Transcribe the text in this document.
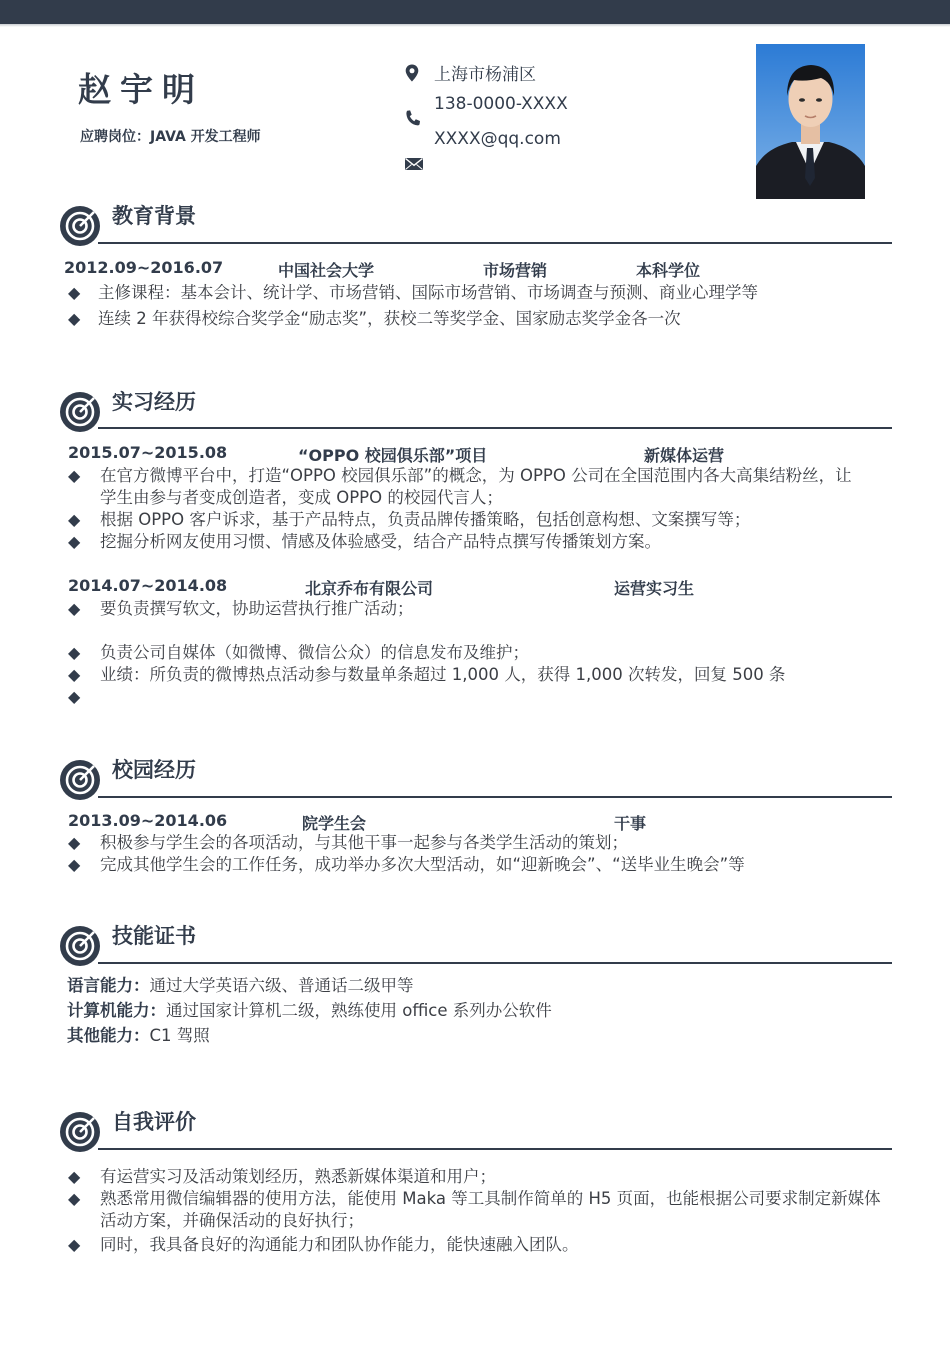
赵宇明
应聘岗位：JAVA 开发工程师
上海市杨浦区
138-0000-XXXX
XXXX@qq.com
教育背景
2012.09~2016.07	中国社会大学	市场营销	本科学位
◆ 主修课程：基本会计、统计学、市场营销、国际市场营销、市场调查与预测、商业心理学等
◆ 连续 2 年获得校综合奖学金“励志奖”，获校二等奖学金、国家励志奖学金各一次
实习经历
2015.07~2015.08	“OPPO 校园俱乐部”项目	新媒体运营
◆ 在官方微博平台中，打造“OPPO 校园俱乐部”的概念，为 OPPO 公司在全国范围内各大高集结粉丝，让
学生由参与者变成创造者，变成 OPPO 的校园代言人；
◆ 根据 OPPO 客户诉求，基于产品特点，负责品牌传播策略，包括创意构想、文案撰写等；
◆ 挖掘分析网友使用习惯、情感及体验感受，结合产品特点撰写传播策划方案。
2014.07~2014.08	北京乔布有限公司	运营实习生
◆ 要负责撰写软文，协助运营执行推广活动；
◆ 负责公司自媒体（如微博、微信公众）的信息发布及维护；
◆ 业绩：所负责的微博热点活动参与数量单条超过 1,000 人，获得 1,000 次转发，回复 500 条
◆
校园经历
2013.09~2014.06	院学生会	干事
◆ 积极参与学生会的各项活动，与其他干事一起参与各类学生活动的策划；
◆ 完成其他学生会的工作任务，成功举办多次大型活动，如“迎新晚会”、“送毕业生晚会”等
技能证书
语言能力：通过大学英语六级、普通话二级甲等
计算机能力：通过国家计算机二级，熟练使用 office 系列办公软件
其他能力：C1 驾照
自我评价
◆ 有运营实习及活动策划经历，熟悉新媒体渠道和用户；
◆ 熟悉常用微信编辑器的使用方法，能使用 Maka 等工具制作简单的 H5 页面，也能根据公司要求制定新媒体
活动方案，并确保活动的良好执行；
◆ 同时，我具备良好的沟通能力和团队协作能力，能快速融入团队。
